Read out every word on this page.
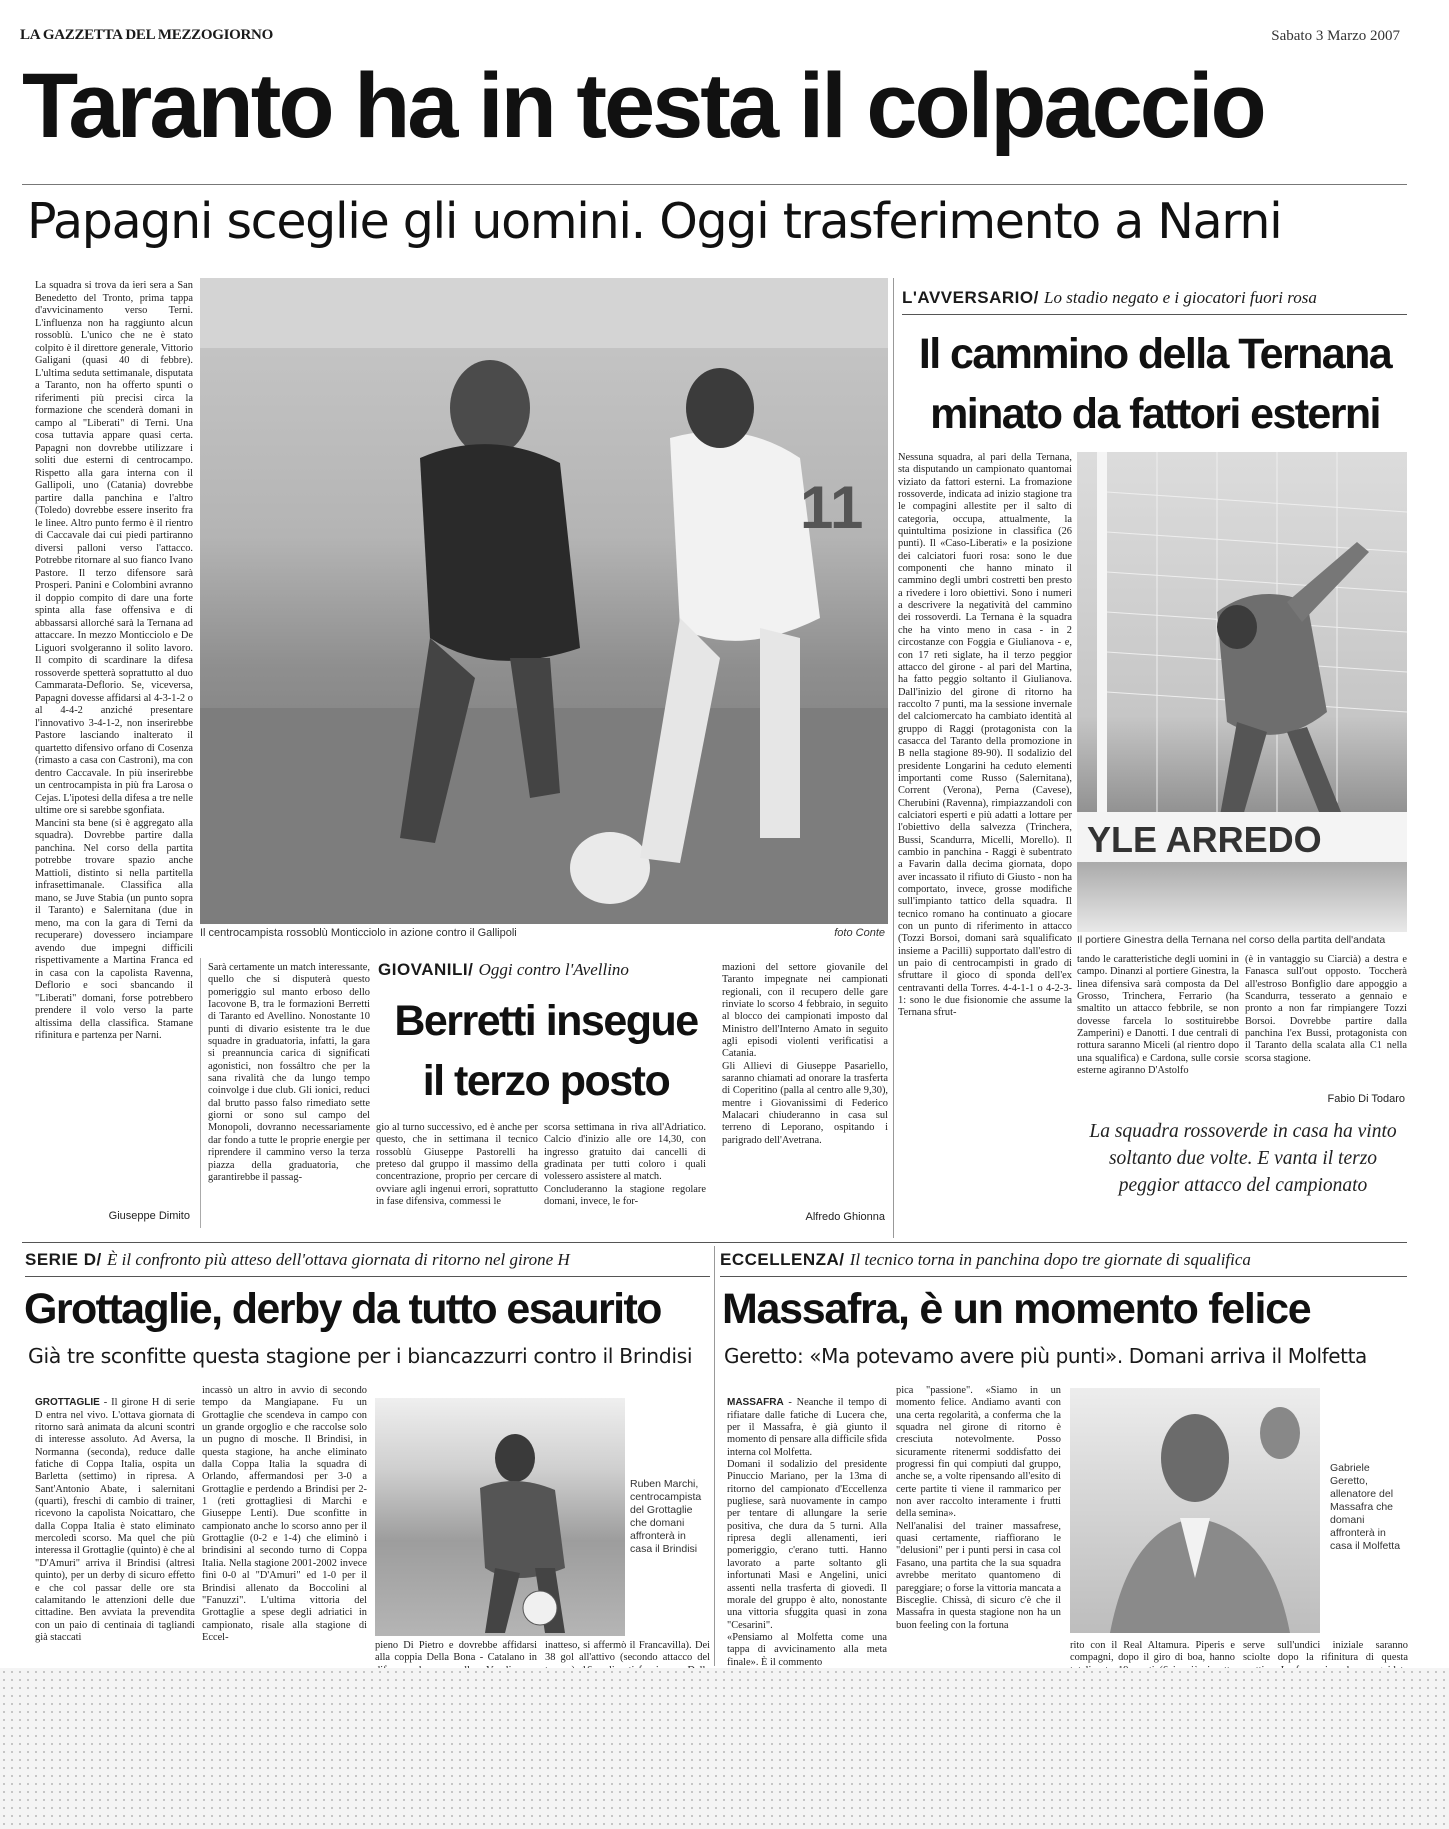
LA GAZZETTA DEL MEZZOGIORNO	Sabato 3 Marzo 2007
Taranto ha in testa il colpaccio
Papagni sceglie gli uomini. Oggi trasferimento a Narni
La squadra si trova da ieri sera a San Benedetto del Tronto, prima tappa d'avvicinamento verso Terni. L'influenza non ha raggiunto alcun rossoblù. L'unico che ne è stato colpito è il direttore generale, Vittorio Galigani (quasi 40 di febbre). L'ultima seduta settimanale, disputata a Taranto, non ha offerto spunti o riferimenti più precisi circa la formazione che scenderà domani in campo al "Liberati" di Terni. Una cosa tuttavia appare quasi certa. Papagni non dovrebbe utilizzare i soliti due esterni di centrocampo. Rispetto alla gara interna con il Gallipoli, uno (Catania) dovrebbe partire dalla panchina e l'altro (Toledo) dovrebbe essere inserito fra le linee. Altro punto fermo è il rientro di Caccavale dai cui piedi partiranno diversi palloni verso l'attacco. Potrebbe ritornare al suo fianco Ivano Pastore. Il terzo difensore sarà Prosperi. Panini e Colombini avranno il doppio compito di dare una forte spinta alla fase offensiva e di abbassarsi allorché sarà la Ternana ad attaccare. In mezzo Monticciolo e De Liguori svolgeranno il solito lavoro. Il compito di scardinare la difesa rossoverde spetterà soprattutto al duo Cammarata-Deflorio. Se, viceversa, Papagni dovesse affidarsi al 4-3-1-2 o al 4-4-2 anziché presentare l'innovativo 3-4-1-2, non inserirebbe Pastore lasciando inalterato il quartetto difensivo orfano di Cosenza (rimasto a casa con Castroni), ma con dentro Caccavale. In più inserirebbe un centrocampista in più fra Larosa o Cejas. L'ipotesi della difesa a tre nelle ultime ore si sarebbe sgonfiata.
Mancini sta bene (si è aggregato alla squadra). Dovrebbe partire dalla panchina. Nel corso della partita potrebbe trovare spazio anche Mattioli, distinto si nella partitella infrasettimanale. Classifica alla mano, se Juve Stabia (un punto sopra il Taranto) e Salernitana (due in meno, ma con la gara di Terni da recuperare) dovessero inciampare avendo due impegni difficili rispettivamente a Martina Franca ed in casa con la capolista Ravenna, Deflorio e soci sbancando il "Liberati" domani, forse potrebbero prendere il volo verso la parte altissima della classifica. Stamane rifinitura e partenza per Narni.
Giuseppe Dimito
11
Il centrocampista rossoblù Monticciolo in azione contro il Gallipoli	foto Conte
L'AVVERSARIO/ Lo stadio negato e i giocatori fuori rosa
Il cammino della Ternana
minato da fattori esterni
Nessuna squadra, al pari della Ternana, sta disputando un campionato quantomai viziato da fattori esterni. La fromazione rossoverde, indicata ad inizio stagione tra le compagini allestite per il salto di categoria, occupa, attualmente, la quintultima posizione in classifica (26 punti). Il «Caso-Liberati» e la posizione dei calciatori fuori rosa: sono le due componenti che hanno minato il cammino degli umbri costretti ben presto a rivedere i loro obiettivi. Sono i numeri a descrivere la negatività del cammino dei rossoverdi. La Ternana è la squadra che ha vinto meno in casa - in 2 circostanze con Foggia e Giulianova - e, con 17 reti siglate, ha il terzo peggior attacco del girone - al pari del Martina, ha fatto peggio soltanto il Giulianova. Dall'inizio del girone di ritorno ha raccolto 7 punti, ma la sessione invernale del calciomercato ha cambiato identità al gruppo di Raggi (protagonista con la casacca del Taranto della promozione in B nella stagione 89-90). Il sodalizio del presidente Longarini ha ceduto elementi importanti come Russo (Salernitana), Corrent (Verona), Perna (Cavese), Cherubini (Ravenna), rimpiazzandoli con calciatori esperti e più adatti a lottare per l'obiettivo della salvezza (Trinchera, Bussi, Scandurra, Micelli, Morello). Il cambio in panchina - Raggi è subentrato a Favarin dalla decima giornata, dopo aver incassato il rifiuto di Giusto - non ha comportato, invece, grosse modifiche sull'impianto tattico della squadra. Il tecnico romano ha continuato a giocare con un punto di riferimento in attacco (Tozzi Borsoi, domani sarà squalificato insieme a Pacilli) supportato dall'estro di un paio di centrocampisti in grado di sfruttare il gioco di sponda dell'ex centravanti della Torres. 4-4-1-1 o 4-2-3-1: sono le due fisionomie che assume la Ternana sfrut-
YLE ARREDO
Il portiere Ginestra della Ternana nel corso della partita dell'andata
tando le caratteristiche degli uomini in campo. Dinanzi al portiere Ginestra, la linea difensiva sarà composta da Del Grosso, Trinchera, Ferrario (ha smaltito un attacco febbrile, se non dovesse farcela lo sostituirebbe Zamperini) e Danotti. I due centrali di rottura saranno Miceli (al rientro dopo una squalifica) e Cardona, sulle corsie esterne agiranno D'Astolfo
(è in vantaggio su Ciarcià) a destra e Fanasca sull'out opposto. Toccherà all'estroso Bonfiglio dare appoggio a Scandurra, tesserato a gennaio e pronto a non far rimpiangere Tozzi Borsoi. Dovrebbe partire dalla panchina l'ex Bussi, protagonista con il Taranto della scalata alla C1 nella scorsa stagione.
Fabio Di Todaro
La squadra rossoverde in casa ha vinto soltanto due volte. E vanta il terzo peggior attacco del campionato
Sarà certamente un match interessante, quello che si disputerà questo pomeriggio sul manto erboso dello Iacovone B, tra le formazioni Berretti di Taranto ed Avellino. Nonostante 10 punti di divario esistente tra le due squadre in graduatoria, infatti, la gara si preannuncia carica di significati agonistici, non fossáltro che per la sana rivalità che da lungo tempo coinvolge i due club. Gli ionici, reduci dal brutto passo falso rimediato sette giorni or sono sul campo del Monopoli, dovranno necessariamente dar fondo a tutte le proprie energie per riprendere il cammino verso la terza piazza della graduatoria, che garantirebbe il passag-
GIOVANILI/ Oggi contro l'Avellino
Berretti insegue
il terzo posto
gio al turno successivo, ed è anche per questo, che in settimana il tecnico rossoblù Giuseppe Pastorelli ha preteso dal gruppo il massimo della concentrazione, proprio per cercare di ovviare agli ingenui errori, soprattutto in fase difensiva, commessi le
scorsa settimana in riva all'Adriatico. Calcio d'inizio alle ore 14,30, con ingresso gratuito dai cancelli di gradinata per tutti coloro i quali volessero assistere al match.
Concluderanno la stagione regolare domani, invece, le for-
mazioni del settore giovanile del Taranto impegnate nei campionati regionali, con il recupero delle gare rinviate lo scorso 4 febbraio, in seguito al blocco dei campionati imposto dal Ministro dell'Interno Amato in seguito agli episodi violenti verificatisi a Catania.
Gli Allievi di Giuseppe Pasariello, saranno chiamati ad onorare la trasferta di Coperitino (palla al centro alle 9,30), mentre i Giovanissimi di Federico Malacari chiuderanno in casa sul terreno di Leporano, ospitando i parigrado dell'Avetrana.
Alfredo Ghionna
SERIE D/ È il confronto più atteso dell'ottava giornata di ritorno nel girone H
Grottaglie, derby da tutto esaurito
Già tre sconfitte questa stagione per i biancazzurri contro il Brindisi

GROTTAGLIE - Il girone H di serie D entra nel vivo. L'ottava giornata di ritorno sarà animata da alcuni scontri di interesse assoluto. Ad Aversa, la Normanna (seconda), reduce dalle fatiche di Coppa Italia, ospita un Barletta (settimo) in ripresa. A Sant'Antonio Abate, i salernitani (quarti), freschi di cambio di trainer, ricevono la capolista Noicattaro, che dalla Coppa Italia è stato eliminato mercoledì scorso. Ma quel che più interessa il Grottaglie (quinto) è che al "D'Amuri" arriva il Brindisi (altresì quinto), per un derby di sicuro effetto e che col passar delle ore sta calamitando le attenzioni delle due cittadine. Ben avviata la prevendita con un paio di centinaia di tagliandi già staccati

incassò un altro in avvio di secondo tempo da Mangiapane. Fu un Grottaglie che scendeva in campo con un grande orgoglio e che raccolse solo un pugno di mosche. Il Brindisi, in questa stagione, ha anche eliminato dalla Coppa Italia la squadra di Orlando, affermandosi per 3-0 a Grottaglie e perdendo a Brindisi per 2-1 (reti grottagliesi di Marchi e Giuseppe Lenti). Due sconfitte in campionato anche lo scorso anno per il Grottaglie (0-2 e 1-4) che eliminò i brindisini al secondo turno di Coppa Italia. Nella stagione 2001-2002 invece finì 0-0 al "D'Amuri" ed 1-0 per il Brindisi allenato da Boccolini al "Fanuzzi". L'ultima vittoria del Grottaglie a spese degli adriatici in campionato, risale alla stagione di Eccel-
Ruben Marchi, centrocampista del Grottaglie che domani affronterà in casa il Brindisi
pieno Di Pietro e dovrebbe affidarsi alla coppia Della Bona - Catalano in
inatteso, si affermò il Francavilla). Dei 38 gol all'attivo (secondo attacco del
ECCELLENZA/ Il tecnico torna in panchina dopo tre giornate di squalifica
Massafra, è un momento felice
Geretto: «Ma potevamo avere più punti». Domani arriva il Molfetta

MASSAFRA - Neanche il tempo di rifiatare dalle fatiche di Lucera che, per il Massafra, è già giunto il momento di pensare alla difficile sfida interna col Molfetta.
Domani il sodalizio del presidente Pinuccio Mariano, per la 13ma di ritorno del campionato d'Eccellenza pugliese, sarà nuovamente in campo per tentare di allungare la serie positiva, che dura da 5 turni. Alla ripresa degli allenamenti, ieri pomeriggio, c'erano tutti. Hanno lavorato a parte soltanto gli infortunati Masi e Angelini, unici assenti nella trasferta di giovedì. Il morale del gruppo è alto, nonostante una vittoria sfuggita quasi in zona "Cesarini".
«Pensiamo al Molfetta come una tappa di avvicinamento alla meta finale». È il commento

pica "passione". «Siamo in un momento felice. Andiamo avanti con una certa regolarità, a conferma che la squadra nel girone di ritorno è cresciuta notevolmente. Posso sicuramente ritenermi soddisfatto dei progressi fin qui compiuti dal gruppo, anche se, a volte ripensando all'esito di certe partite ti viene il rammarico per non aver raccolto interamente i frutti della semina».
Nell'analisi del trainer massafrese, quasi certamente, riaffiorano le "delusioni" per i punti persi in casa col Fasano, una partita che la sua squadra avrebbe meritato quantomeno di pareggiare; o forse la vittoria mancata a Bisceglie. Chissà, di sicuro c'è che il Massafra in questa stagione non ha un buon feeling con la fortuna
Gabriele Geretto, allenatore del Massafra che domani affronterà in casa il Molfetta
rito con il Real Altamura. Piperis e compagni, dopo il giro di boa, hanno
serve sull'undici iniziale saranno sciolte dopo la rifinitura di questa
